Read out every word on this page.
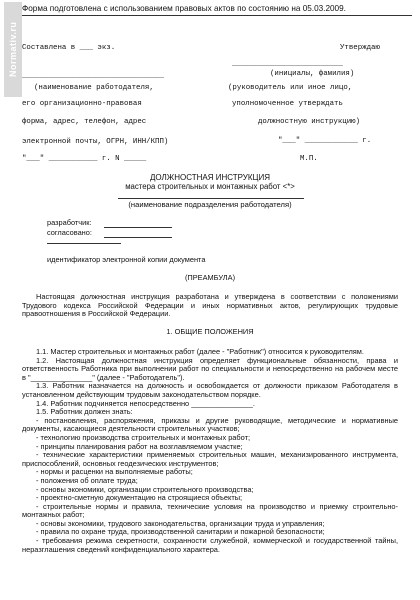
Normativ.ru
Форма подготовлена с использованием правовых актов по состоянию на 05.03.2009.
Составлена в ___ экз.
________________________________
(наименование работодателя,
его организационно-правовая
форма, адрес, телефон, адрес
электронной почты, ОГРН, ИНН/КПП)
"___" ___________ г. N _____
Утверждаю
_________________________
(инициалы, фамилия)
(руководитель или иное лицо,
уполномоченное утверждать
должностную инструкцию)
"___" ____________ г.
М.П.
ДОЛЖНОСТНАЯ ИНСТРУКЦИЯ
мастера строительных и монтажных работ <*>
(наименование подразделения работодателя)
разработчик:
согласовано:
идентификатор электронной копии документа
(ПРЕАМБУЛА)
Настоящая должностная инструкция разработана и утверждена в соответствии с положениями Трудового кодекса Российской Федерации и иных нормативных актов, регулирующих трудовые правоотношения в Российской Федерации.
1. ОБЩИЕ ПОЛОЖЕНИЯ
1.1. Мастер строительных и монтажных работ (далее - "Работник") относится к руководителям.
1.2. Настоящая должностная инструкция определяет функциональные обязанности, права и ответственность Работника при выполнении работ по специальности и непосредственно на рабочем месте в "_______________" (далее - "Работодатель").
1.3. Работник назначается на должность и освобождается от должности приказом Работодателя в установленном действующим трудовым законодательством порядке.
1.4. Работник подчиняется непосредственно _______________.
1.5. Работник должен знать:
- постановления, распоряжения, приказы и другие руководящие, методические и нормативные документы, касающиеся деятельности строительных участков;
- технологию производства строительных и монтажных работ;
- принципы планирования работ на возглавляемом участке;
- технические характеристики применяемых строительных машин, механизированного инструмента, приспособлений, основных геодезических инструментов;
- нормы и расценки на выполняемые работы;
- положения об оплате труда;
- основы экономики, организации строительного производства;
- проектно-сметную документацию на строящиеся объекты;
- строительные нормы и правила, технические условия на производство и приемку строительно-монтажных работ;
- основы экономики, трудового законодательства, организации труда и управления;
- правила по охране труда, производственной санитарии и пожарной безопасности;
- требования режима секретности, сохранности служебной, коммерческой и государственной тайны, неразглашения сведений конфиденциального характера.
